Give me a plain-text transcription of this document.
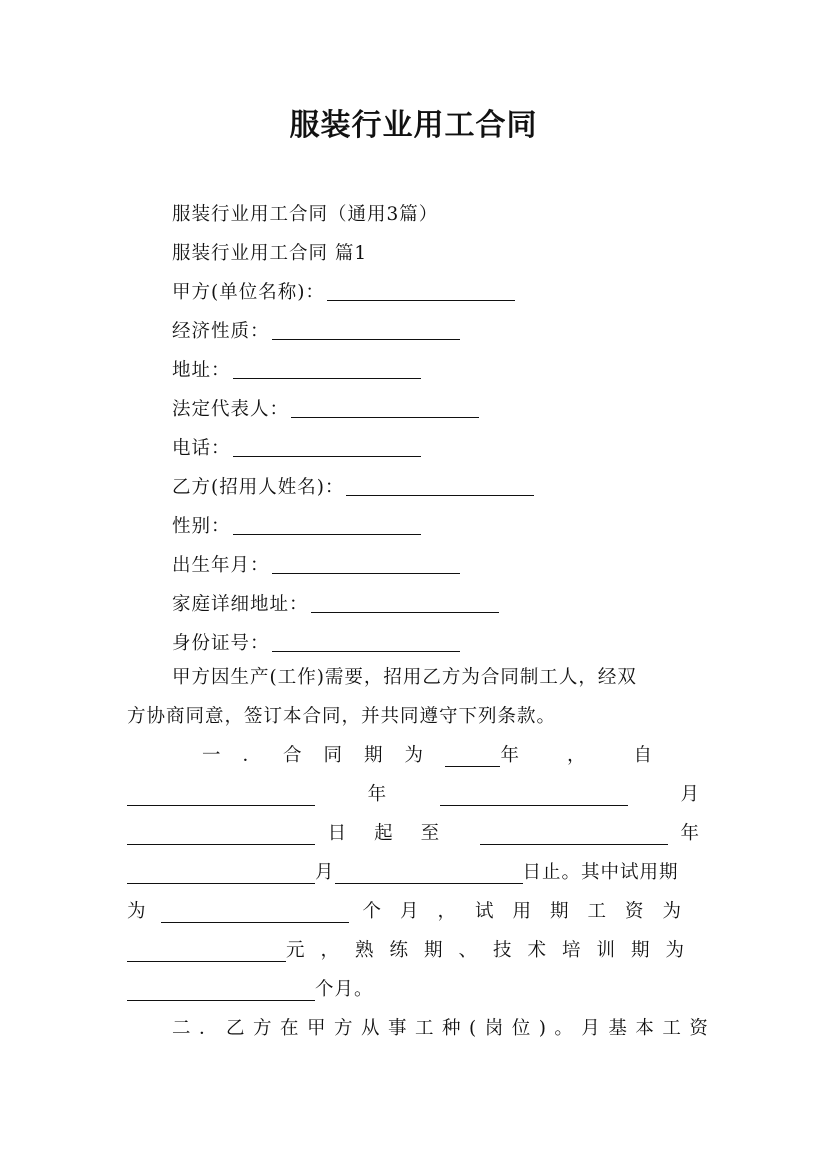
服装行业用工合同
服装行业用工合同（通用3篇）
服装行业用工合同 篇1
甲方(单位名称)：
经济性质：
地址：
法定代表人：
电话：
乙方(招用人姓名)：
性别：
出生年月：
家庭详细地址：
身份证号：
甲方因生产(工作)需要，招用乙方为合同制工人，经双
方协商同意，签订本合同，并共同遵守下列条款。
一．合同期为	年，自
年	月
日起至	年
月	日止。其中试用期
为	个月，试用期工资为
元，熟练期、技术培训期为
个月。
二．乙方在甲方从事工种(岗位)。月基本工资
